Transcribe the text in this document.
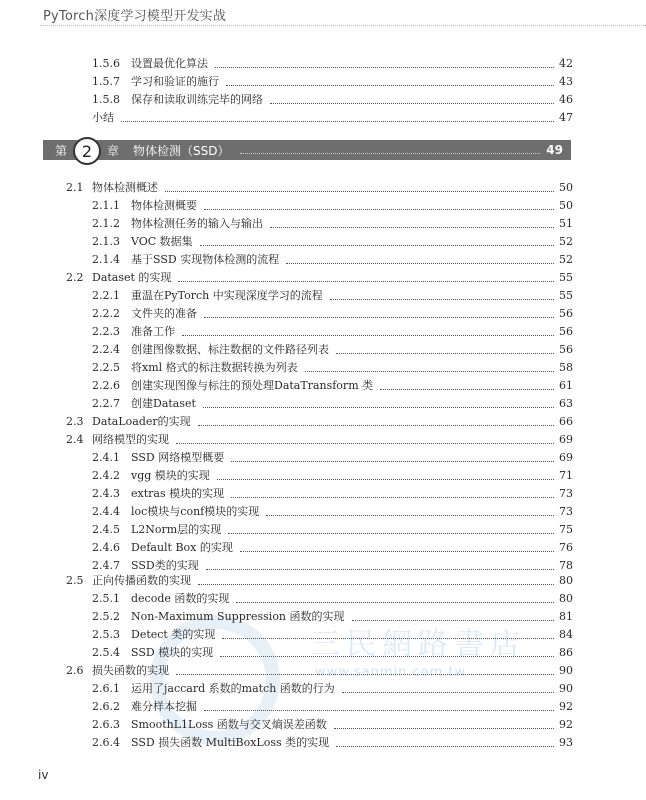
PyTorch深度学习模型开发实战
1.5.6	设置最优化算法	42
1.5.7	学习和验证的施行	43
1.5.8	保存和读取训练完毕的网络	46
小结	47
第 2	章 物体检测（SSD）	49
三民網路書店
www.sanmin.com.tw
2.1 物体检测概述	50
2.1.1	物体检测概要	50
2.1.2	物体检测任务的输入与输出	51
2.1.3	VOC 数据集	52
2.1.4	基于SSD 实现物体检测的流程	52
2.2 Dataset 的实现	55
2.2.1	重温在PyTorch 中实现深度学习的流程	55
2.2.2	文件夹的准备	56
2.2.3	准备工作	56
2.2.4	创建图像数据、标注数据的文件路径列表	56
2.2.5	将xml 格式的标注数据转换为列表	58
2.2.6	创建实现图像与标注的预处理DataTransform 类	61
2.2.7	创建Dataset	63
2.3 DataLoader的实现	66
2.4 网络模型的实现	69
2.4.1	SSD 网络模型概要	69
2.4.2	vgg 模块的实现	71
2.4.3	extras 模块的实现	73
2.4.4	loc模块与conf模块的实现	73
2.4.5	L2Norm层的实现	75
2.4.6	Default Box 的实现	76
2.4.7	SSD类的实现	78
2.5 正向传播函数的实现	80
2.5.1	decode 函数的实现	80
2.5.2	Non-Maximum Suppression 函数的实现	81
2.5.3	Detect 类的实现	84
2.5.4	SSD 模块的实现	86
2.6 损失函数的实现	90
2.6.1	运用了jaccard 系数的match 函数的行为	90
2.6.2	难分样本挖掘	92
2.6.3	SmoothL1Loss 函数与交叉熵误差函数	92
2.6.4	SSD 损失函数 MultiBoxLoss 类的实现	93
iv
